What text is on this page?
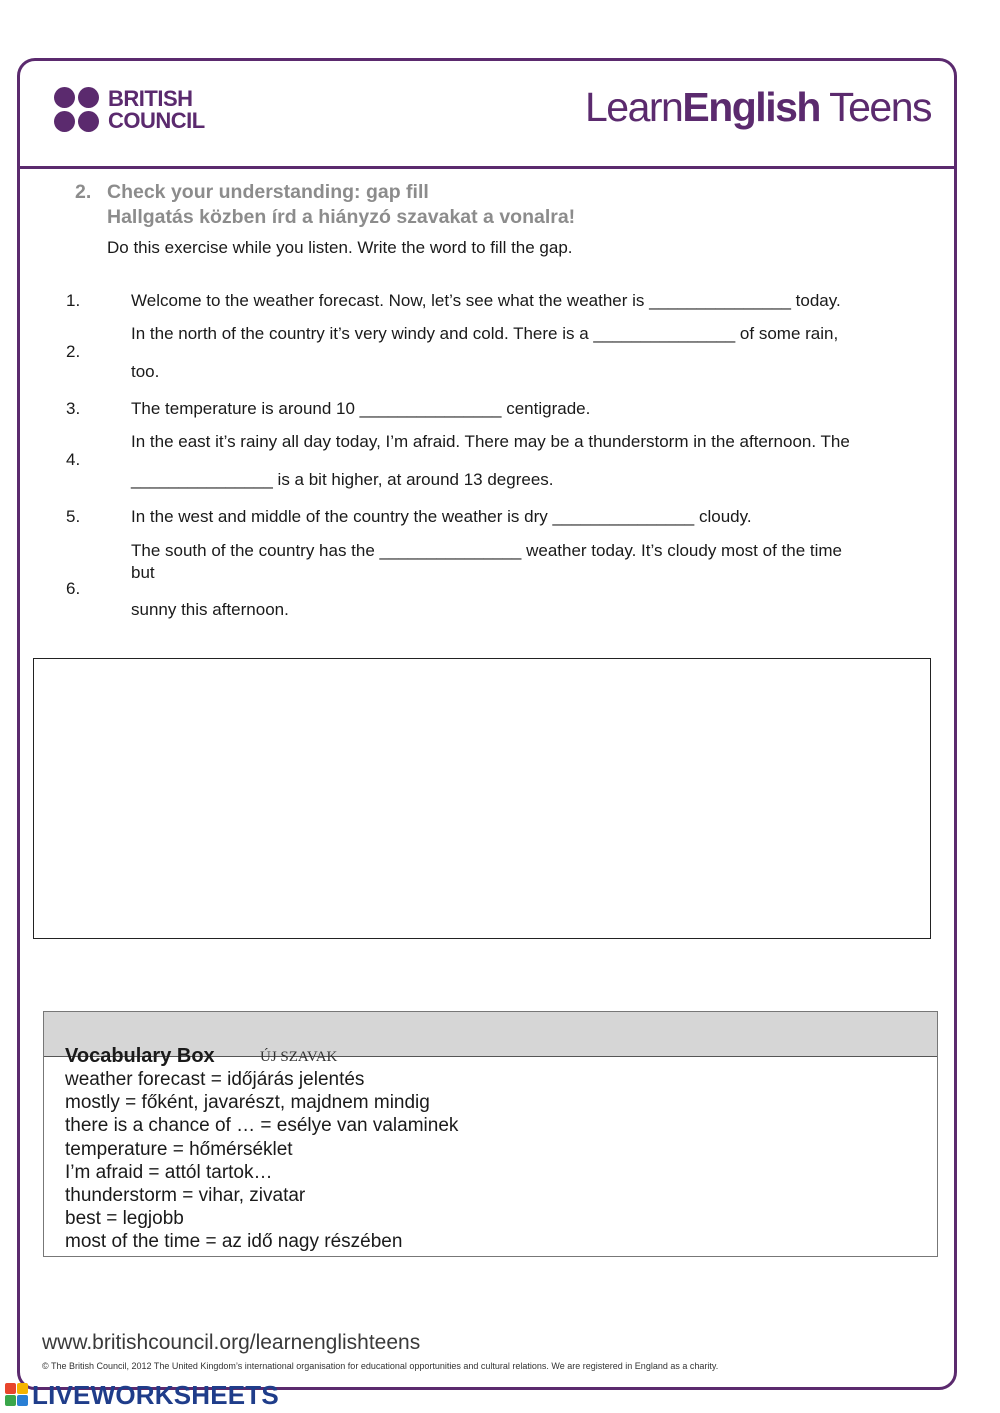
BRITISH
COUNCIL	LearnEnglish Teens
2. Check your understanding: gap fill
Hallgatás közben írd a hiányzó szavakat a vonalra!
Do this exercise while you listen. Write the word to fill the gap.
1.	Welcome to the weather forecast. Now, let’s see what the weather is _______________ today.
2.
In the north of the country it’s very windy and cold. There is a _______________ of some rain,
too.
3.	The temperature is around 10 _______________ centigrade.
4.
In the east it’s rainy all day today, I’m afraid. There may be a thunderstorm in the afternoon. The
_______________ is a bit higher, at around 13 degrees.
5.	In the west and middle of the country the weather is dry _______________ cloudy.
6.
The south of the country has the _______________ weather today. It’s cloudy most of the time
but
sunny this afternoon.
Vocabulary Box	ÚJ SZAVAK
weather forecast = időjárás jelentés
mostly = főként, javarészt, majdnem mindig
there is a chance of … = esélye van valaminek
temperature = hőmérséklet
I’m afraid = attól tartok…
thunderstorm = vihar, zivatar
best = legjobb
most of the time = az idő nagy részében
www.britishcouncil.org/learnenglishteens
© The British Council, 2012 The United Kingdom’s international organisation for educational opportunities and cultural relations. We are registered in England as a charity.
LIVEWORKSHEETS
